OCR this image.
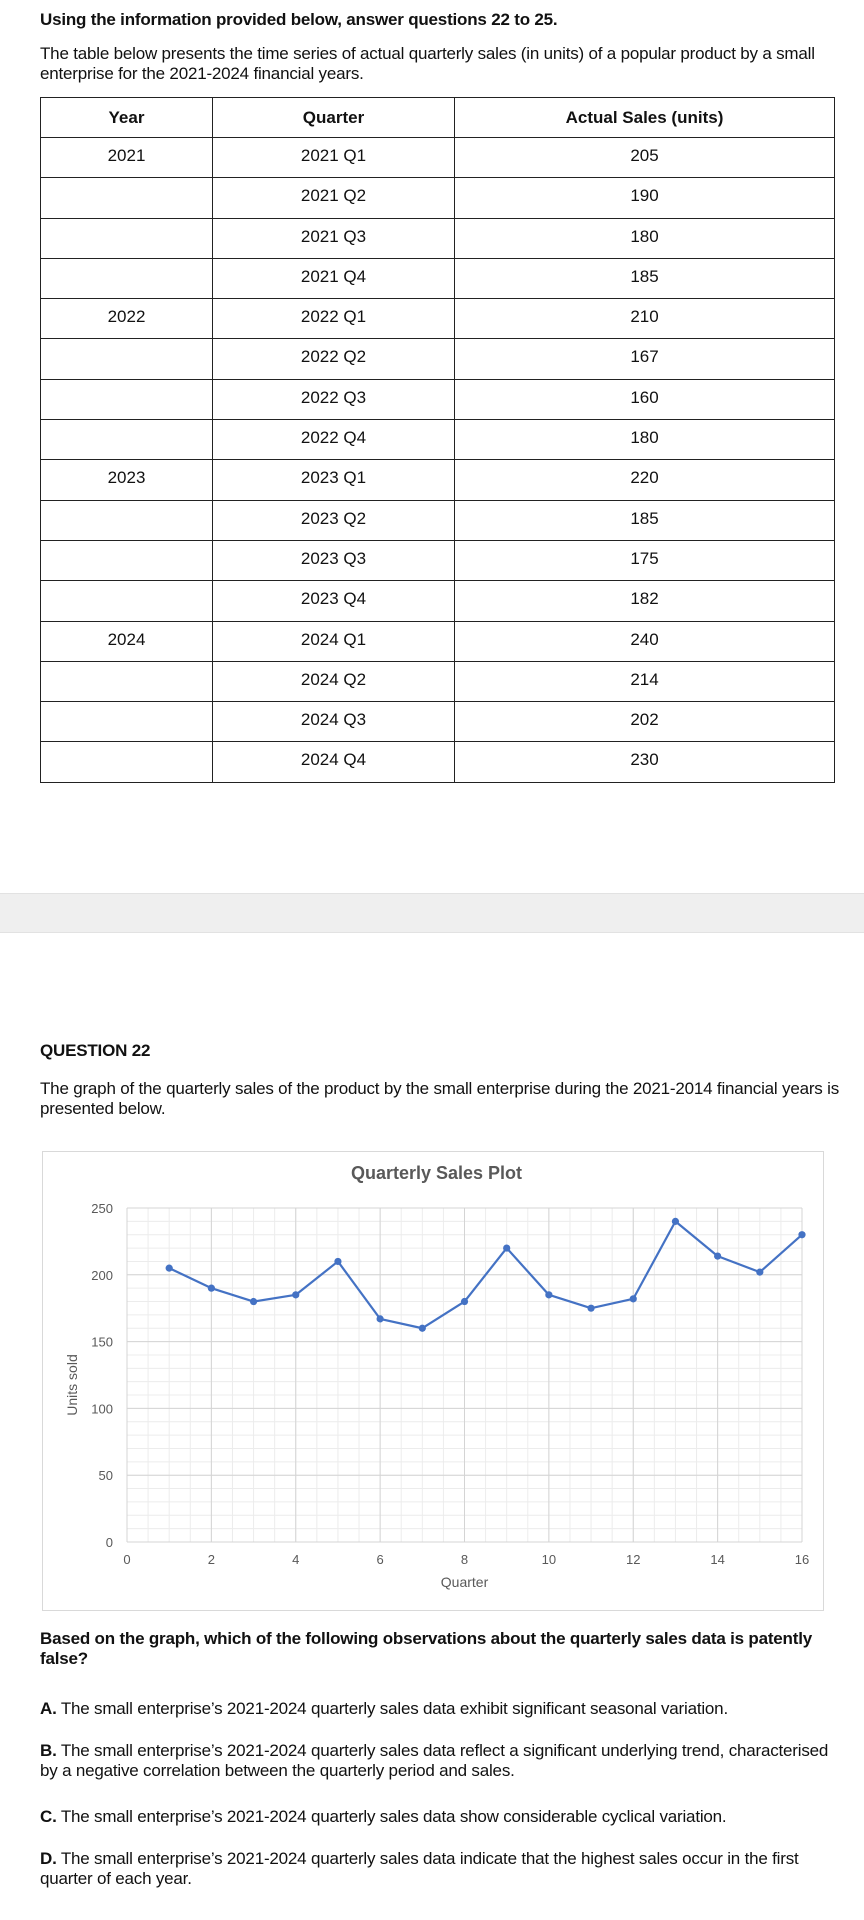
Using the information provided below, answer questions 22 to 25.
The table below presents the time series of actual quarterly sales (in units) of a popular product by a small enterprise for the 2021-2024 financial years.
Year	Quarter	Actual Sales (units)
2021	2021 Q1	205
	2021 Q2	190
	2021 Q3	180
	2021 Q4	185
2022	2022 Q1	210
	2022 Q2	167
	2022 Q3	160
	2022 Q4	180
2023	2023 Q1	220
	2023 Q2	185
	2023 Q3	175
	2023 Q4	182
2024	2024 Q1	240
	2024 Q2	214
	2024 Q3	202
	2024 Q4	230
QUESTION 22
The graph of the quarterly sales of the product by the small enterprise during the 2021-2014 financial years is presented below.
0	2	4	6	8	10	12	14	16
0
50
100
150
200
250
Quarter
Units sold
Quarterly Sales Plot
Based on the graph, which of the following observations about the quarterly sales data is patently false?
A. The small enterprise’s 2021-2024 quarterly sales data exhibit significant seasonal variation.
B. The small enterprise’s 2021-2024 quarterly sales data reflect a significant underlying trend, characterised by a negative correlation between the quarterly period and sales.
C. The small enterprise’s 2021-2024 quarterly sales data show considerable cyclical variation.
D. The small enterprise’s 2021-2024 quarterly sales data indicate that the highest sales occur in the first quarter of each year.
